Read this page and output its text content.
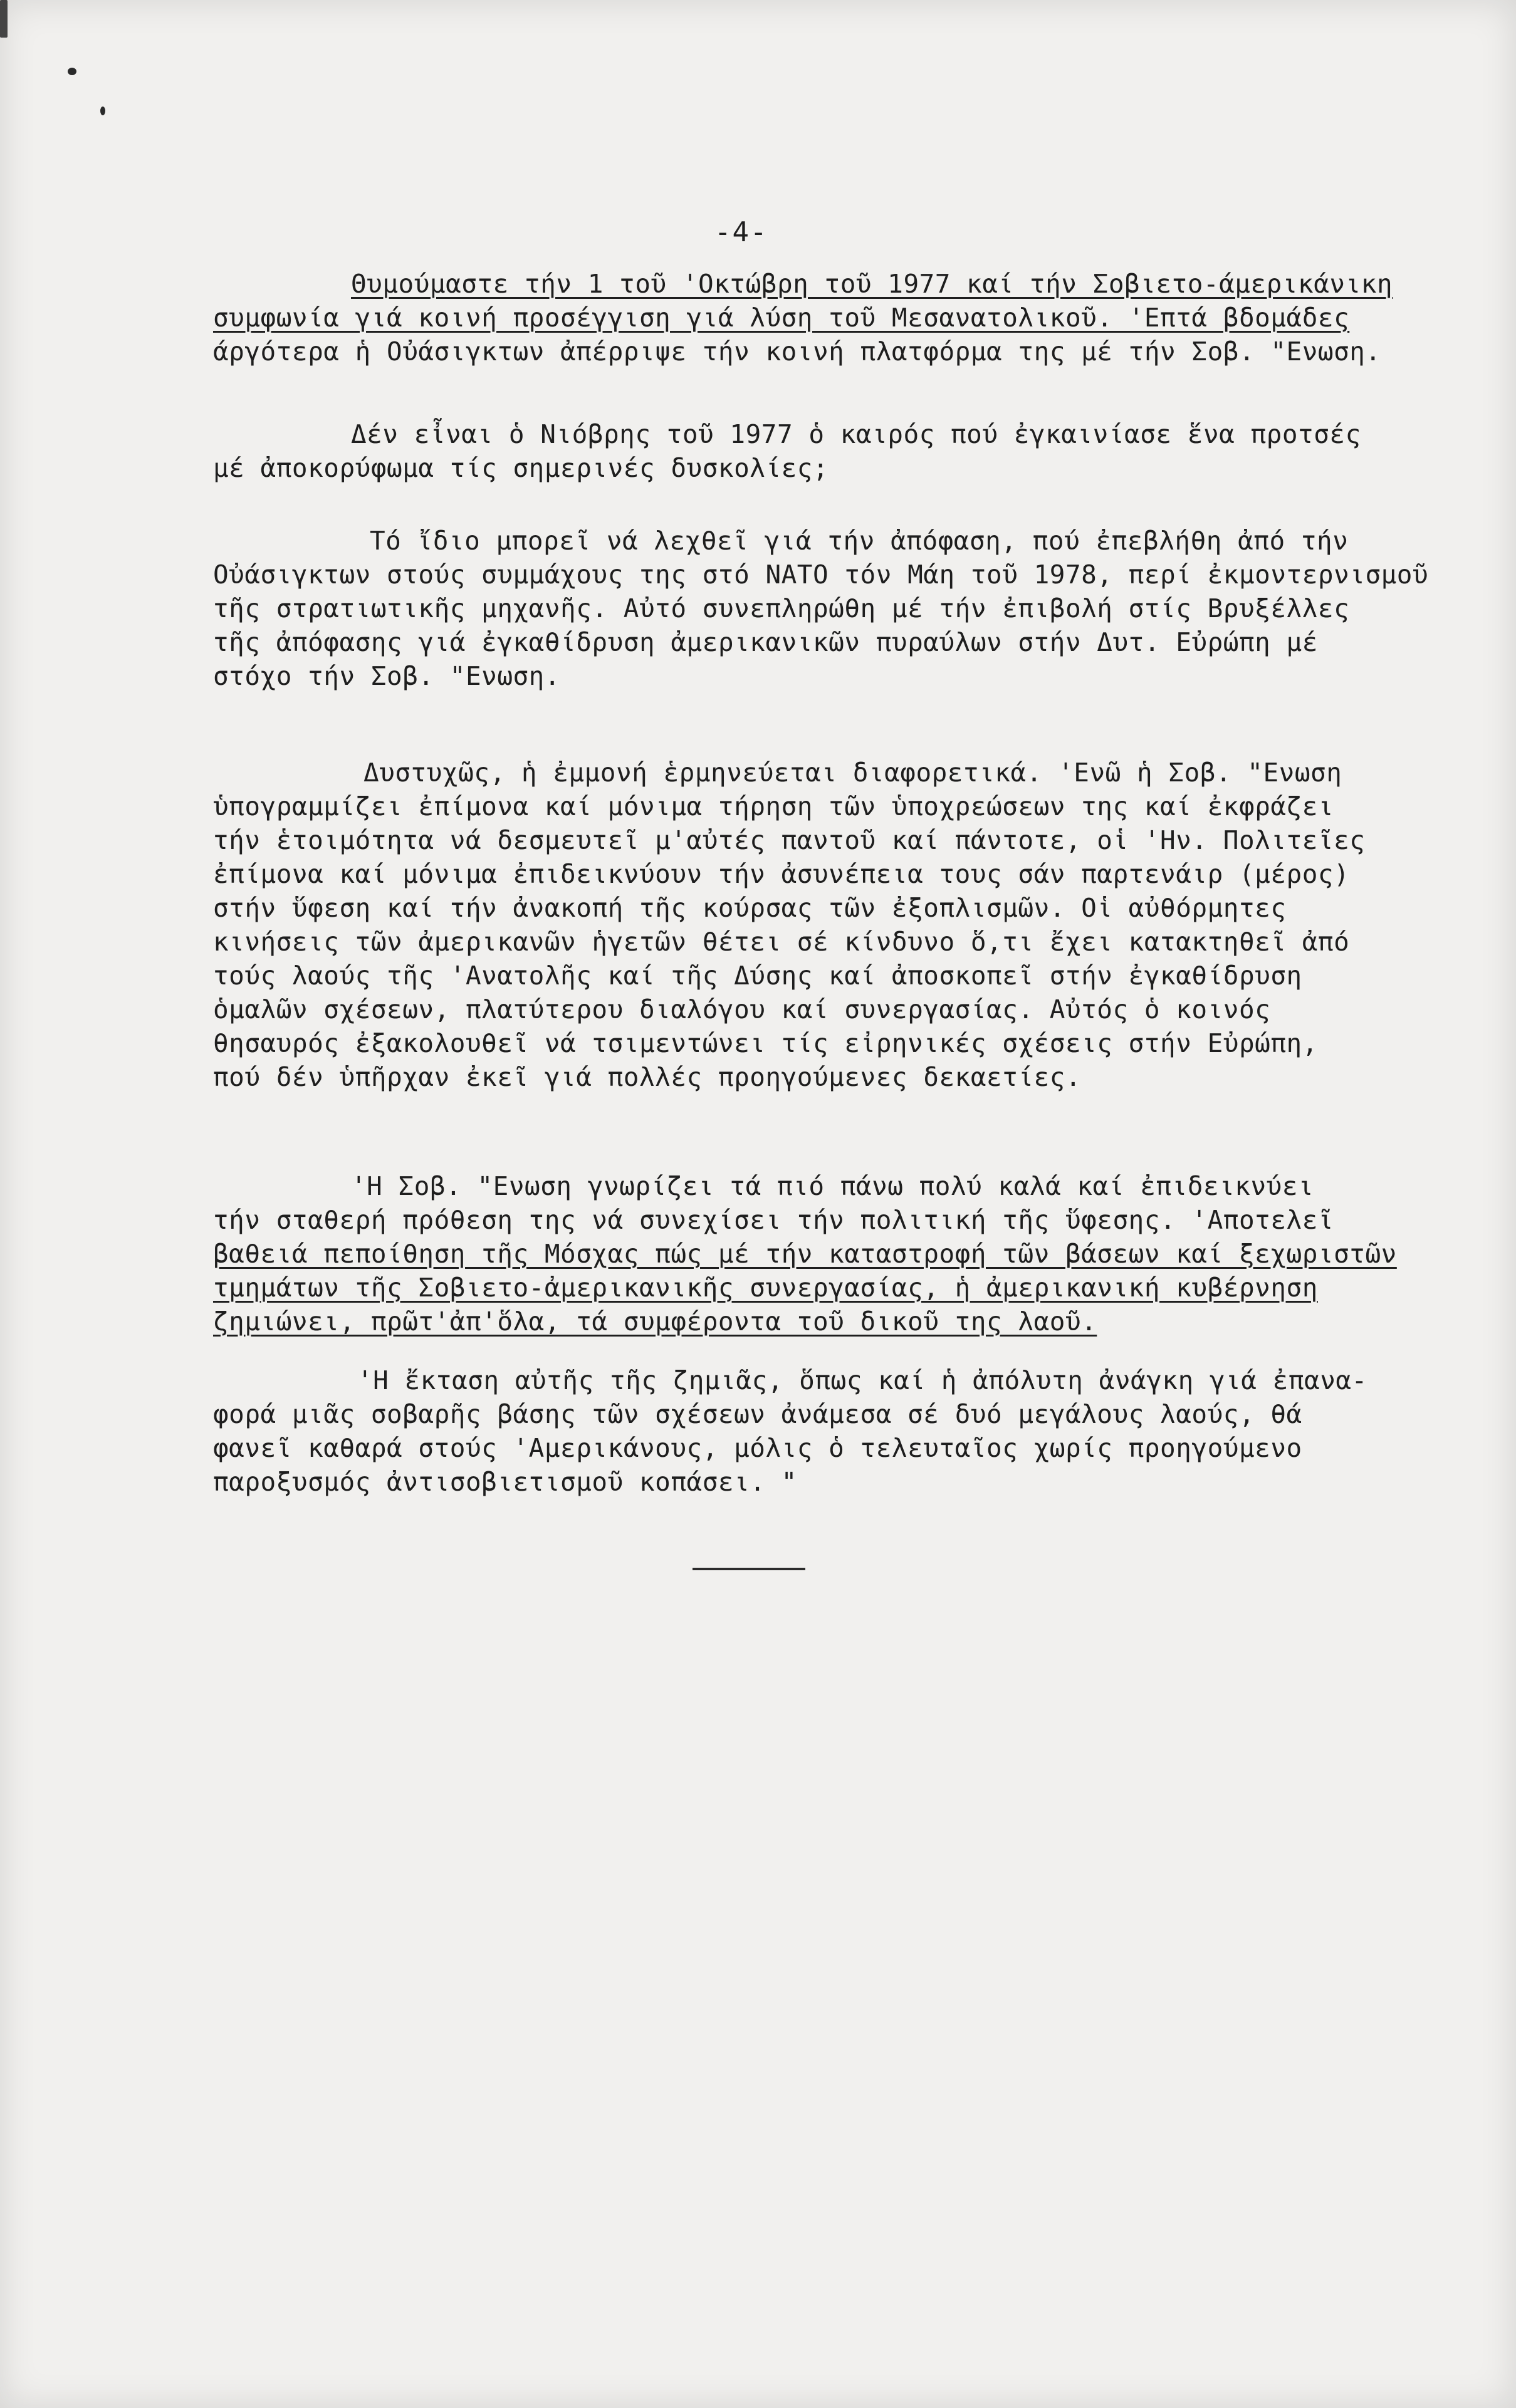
-4-
Θυμούμαστε τήν 1 τοῦ 'Οκτώβρη τοῦ 1977 καί τήν Σοβιετο-άμερικάνικη
συμφωνία γιά κοινή προσέγγιση γιά λύση τοῦ Μεσανατολικοῦ. 'Επτά βδομάδες
άργότερα ἡ Οὐάσιγκτων ἀπέρριψε τήν κοινή πλατφόρμα της μέ τήν Σοβ. "Ενωση.
Δέν εἶναι ὁ Νιόβρης τοῦ 1977 ὁ καιρός πού ἐγκαινίασε ἕνα προτσές
μέ ἀποκορύφωμα τίς σημερινές δυσκολίες;
Τό ἴδιο μπορεῖ νά λεχθεῖ γιά τήν ἀπόφαση, πού ἐπεβλήθη ἀπό τήν
Οὐάσιγκτων στούς συμμάχους της στό ΝΑΤΟ τόν Μάη τοῦ 1978, περί ἐκμοντερνισμοῦ
τῆς στρατιωτικῆς μηχανῆς. Αὐτό συνεπληρώθη μέ τήν ἐπιβολή στίς Βρυξέλλες
τῆς ἀπόφασης γιά ἐγκαθίδρυση ἀμερικανικῶν πυραύλων στήν Δυτ. Εὐρώπη μέ
στόχο τήν Σοβ. "Ενωση.
Δυστυχῶς, ἡ ἐμμονή ἑρμηνεύεται διαφορετικά. 'Ενῶ ἡ Σοβ. "Ενωση
ὑπογραμμίζει ἐπίμονα καί μόνιμα τήρηση τῶν ὑποχρεώσεων της καί ἐκφράζει
τήν ἑτοιμότητα νά δεσμευτεῖ μ'αὐτές παντοῦ καί πάντοτε, οἱ 'Ην. Πολιτεῖες
ἐπίμονα καί μόνιμα ἐπιδεικνύουν τήν ἀσυνέπεια τους σάν παρτενάιρ (μέρος)
στήν ὕφεση καί τήν ἀνακοπή τῆς κούρσας τῶν ἐξοπλισμῶν. Οἱ αὐθόρμητες
κινήσεις τῶν ἀμερικανῶν ἡγετῶν θέτει σέ κίνδυνο ὅ,τι ἔχει κατακτηθεῖ ἀπό
τούς λαούς τῆς 'Ανατολῆς καί τῆς Δύσης καί ἀποσκοπεῖ στήν ἐγκαθίδρυση
ὁμαλῶν σχέσεων, πλατύτερου διαλόγου καί συνεργασίας. Αὐτός ὁ κοινός
θησαυρός ἐξακολουθεῖ νά τσιμεντώνει τίς εἰρηνικές σχέσεις στήν Εὐρώπη,
πού δέν ὑπῆρχαν ἐκεῖ γιά πολλές προηγούμενες δεκαετίες.
'Η Σοβ. "Ενωση γνωρίζει τά πιό πάνω πολύ καλά καί ἐπιδεικνύει
τήν σταθερή πρόθεση της νά συνεχίσει τήν πολιτική τῆς ὕφεσης. 'Αποτελεῖ
βαθειά πεποίθηση τῆς Μόσχας πώς μέ τήν καταστροφή τῶν βάσεων καί ξεχωριστῶν
τμημάτων τῆς Σοβιετο-ἀμερικανικῆς συνεργασίας, ἡ ἀμερικανική κυβέρνηση
ζημιώνει, πρῶτ'ἀπ'ὅλα, τά συμφέροντα τοῦ δικοῦ της λαοῦ.
'Η ἔκταση αὐτῆς τῆς ζημιᾶς, ὅπως καί ἡ ἀπόλυτη ἀνάγκη γιά ἐπανα-
φορά μιᾶς σοβαρῆς βάσης τῶν σχέσεων ἀνάμεσα σέ δυό μεγάλους λαούς, θά
φανεῖ καθαρά στούς 'Αμερικάνους, μόλις ὁ τελευταῖος χωρίς προηγούμενο
παροξυσμός ἀντισοβιετισμοῦ κοπάσει. "
